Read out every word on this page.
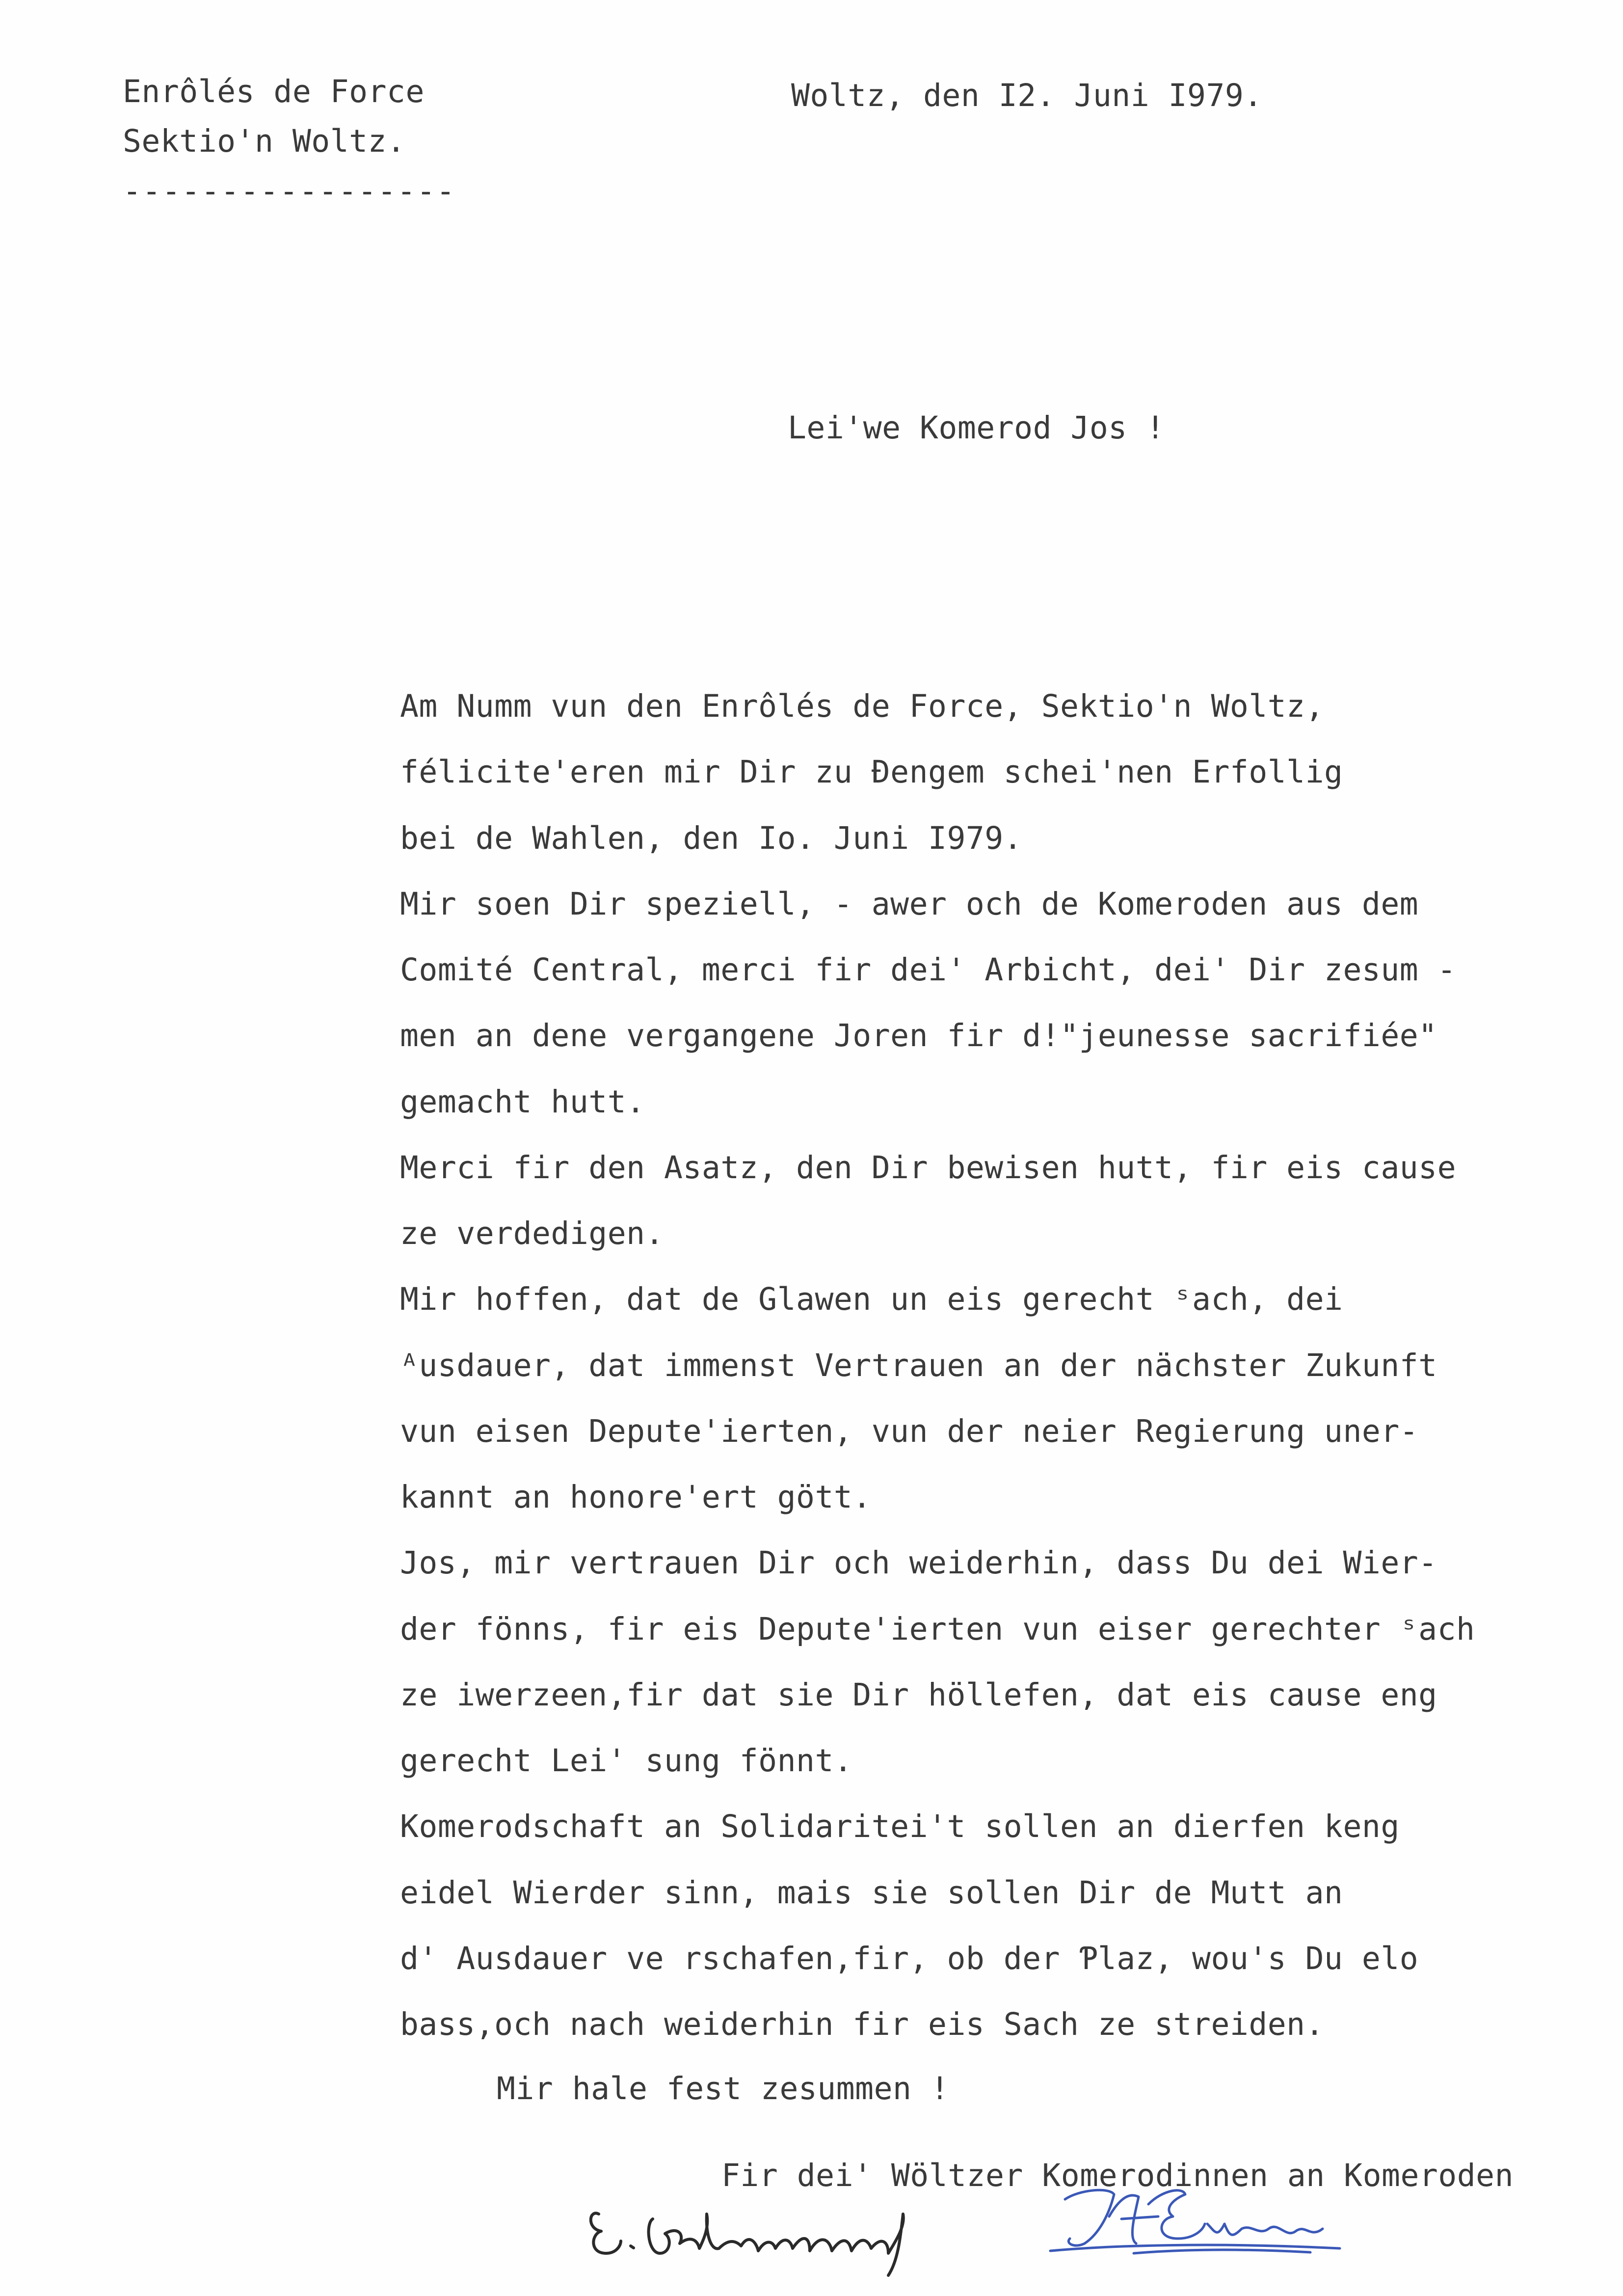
Enrôlés de Force
Sektio'n Woltz.
-----------------
Woltz, den I2. Juni I979.
Lei'we Komerod Jos !
Am Numm vun den Enrôlés de Force, Sektio'n Woltz,
félicite'eren mir Dir zu Ðengem schei'nen Erfollig
bei de Wahlen, den Io. Juni I979.
Mir soen Dir speziell, - awer och de Komeroden aus dem
Comité Central, merci fir dei' Arbicht, dei' Dir zesum -
men an dene vergangene Joren fir d!"jeunesse sacrifiée"
gemacht hutt.
Merci fir den Asatz, den Dir bewisen hutt, fir eis cause
ze verdedigen.
Mir hoffen, dat de Glawen un eis gerecht ˢach, dei
ᴬusdauer, dat immenst Vertrauen an der nächster Zukunft
vun eisen Depute'ierten, vun der neier Regierung uner-
kannt an honore'ert gött.
Jos, mir vertrauen Dir och weiderhin, dass Du dei Wier-
der fönns, fir eis Depute'ierten vun eiser gerechter ˢach
ze iwerzeen,fir dat sie Dir höllefen, dat eis cause eng
gerecht Lei' sung fönnt.
Komerodschaft an Solidaritei't sollen an dierfen keng
eidel Wierder sinn, mais sie sollen Dir de Mutt an
d' Ausdauer ve rschafen,fir, ob der Ƥlaz, wou's Du elo
bass,och nach weiderhin fir eis Sach ze streiden.
Mir hale fest zesummen !
Fir dei' Wöltzer Komerodinnen an Komeroden
